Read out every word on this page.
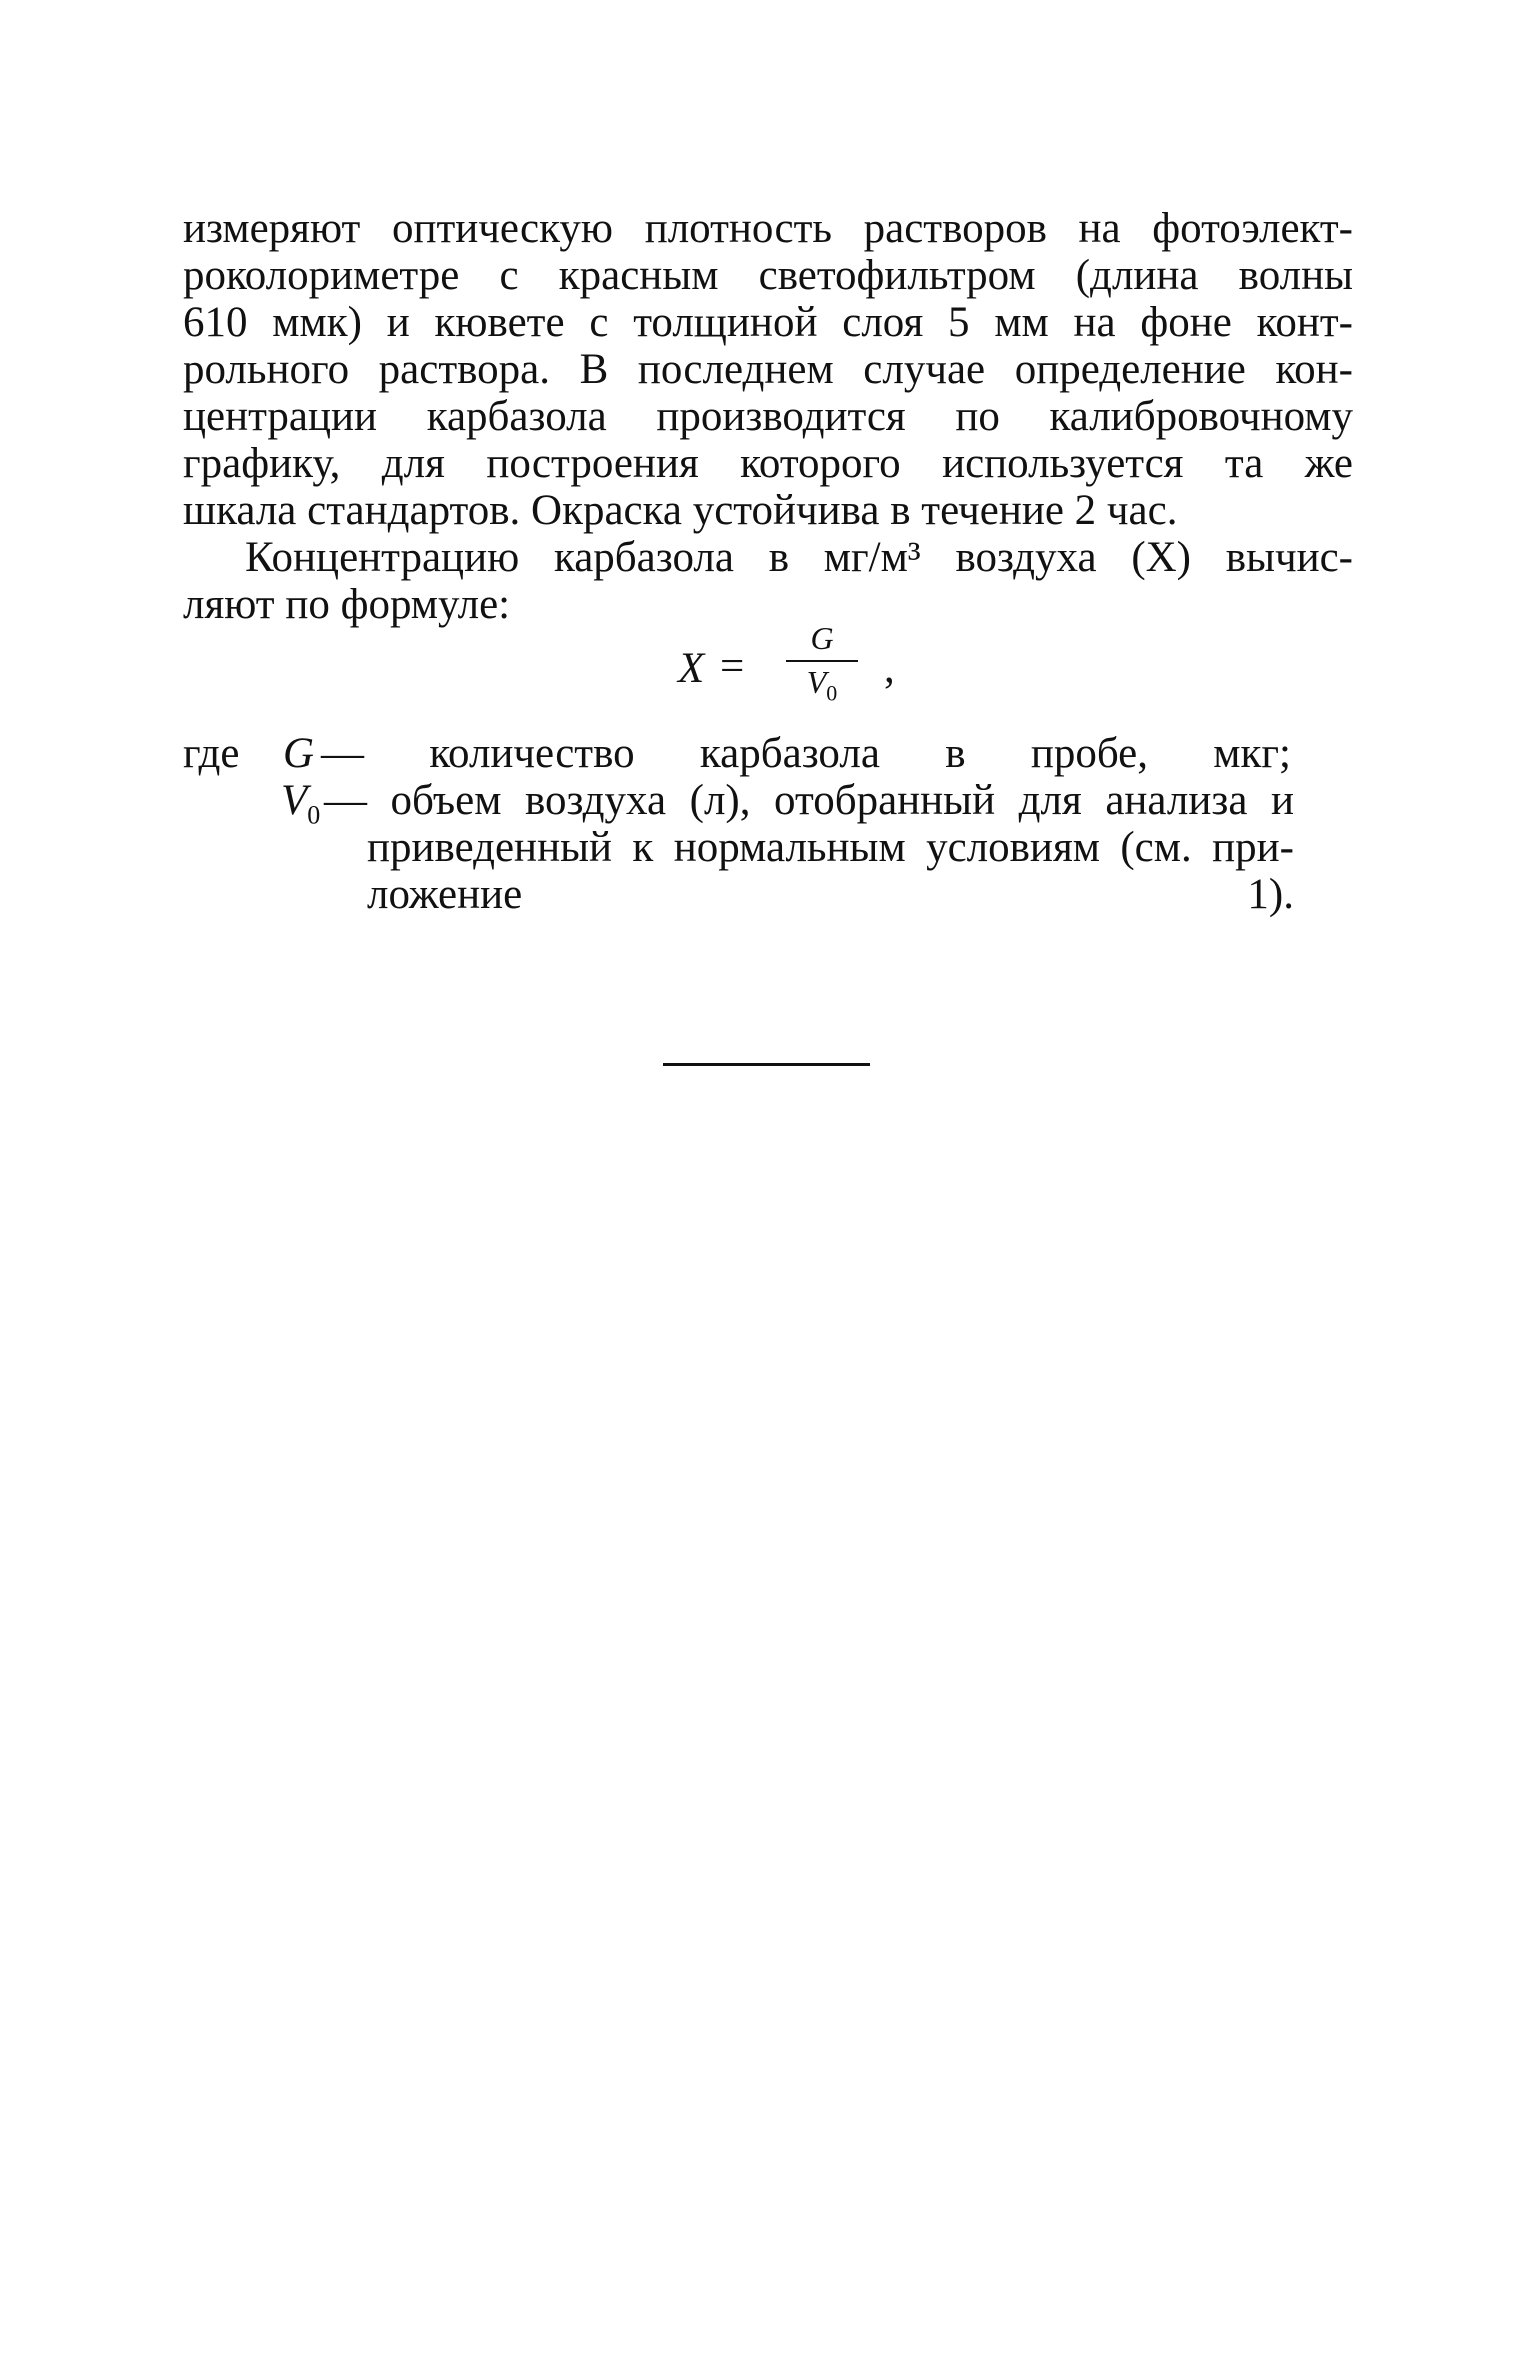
измеряют оптическую плотность растворов на фотоэлект-
роколориметре с красным светофильтром (длина волны
610 ммк) и кювете с толщиной слоя 5 мм на фоне конт-
рольного раствора. В последнем случае определение кон-
центрации карбазола производится по калибровочному
графику, для построения которого используется та же
шкала стандартов. Окраска устойчива в течение 2 час.

Концентрацию карбазола в мг/м³ воздуха (X) вычис-
ляют по формуле:

X =
G
$V_0$
,
где G — количество карбазола в пробе, мкг;
$V_0$ — объем воздуха (л), отобранный для анализа и
приведенный к нормальным условиям (см. при-
ложение 1).
